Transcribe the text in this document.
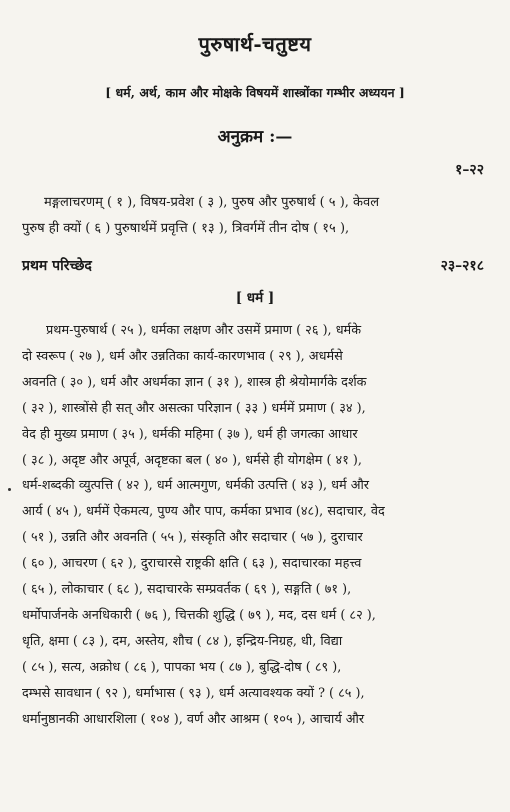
पुरुषार्थ-चतुष्टय
[ धर्म, अर्थ, काम और मोक्षके विषयमें शास्त्रोंका गम्भीर अध्ययन ]
अनुक्रम :—
१–२२
मङ्गलाचरणम् ( १ ), विषय-प्रवेश ( ३ ), पुरुष और पुरुषार्थ ( ५ ), केवल
पुरुष ही क्यों ( ६ ) पुरुषार्थमें प्रवृत्ति ( १३ ), त्रिवर्गमें तीन दोष ( १५ ),
प्रथम परिच्छेद	२३–२१८
[ धर्म ]
प्रथम-पुरुषार्थ ( २५ ), धर्मका लक्षण और उसमें प्रमाण ( २६ ), धर्मके
दो स्वरूप ( २७ ), धर्म और उन्नतिका कार्य-कारणभाव ( २९ ), अधर्मसे
अवनति ( ३० ), धर्म और अधर्मका ज्ञान ( ३१ ), शास्त्र ही श्रेयोमार्गके दर्शक
( ३२ ), शास्त्रोंसे ही सत् और असत्का परिज्ञान ( ३३ ) धर्ममें प्रमाण ( ३४ ),
वेद ही मुख्य प्रमाण ( ३५ ), धर्मकी महिमा ( ३७ ), धर्म ही जगत्का आधार
( ३८ ), अदृष्ट और अपूर्व, अदृष्टका बल ( ४० ), धर्मसे ही योगक्षेम ( ४१ ),
धर्म-शब्दकी व्युत्पत्ति ( ४२ ), धर्म आत्मगुण, धर्मकी उत्पत्ति ( ४३ ), धर्म और
आर्य ( ४५ ), धर्ममें ऐकमत्य, पुण्य और पाप, कर्मका प्रभाव (४८), सदाचार, वेद
( ५१ ), उन्नति और अवनति ( ५५ ), संस्कृति और सदाचार ( ५७ ), दुराचार
( ६० ), आचरण ( ६२ ), दुराचारसे राष्ट्रकी क्षति ( ६३ ), सदाचारका महत्त्व
( ६५ ), लोकाचार ( ६८ ), सदाचारके सम्प्रवर्तक ( ६९ ), सङ्गति ( ७१ ),
धर्मोपार्जनके अनधिकारी ( ७६ ), चित्तकी शुद्धि ( ७९ ), मद, दस धर्म ( ८२ ),
धृति, क्षमा ( ८३ ), दम, अस्तेय, शौच ( ८४ ), इन्द्रिय-निग्रह, धी, विद्या
( ८५ ), सत्य, अक्रोध ( ८६ ), पापका भय ( ८७ ), बुद्धि-दोष ( ८९ ),
दम्भसे सावधान ( ९२ ), धर्माभास ( ९३ ), धर्म अत्यावश्यक क्यों ? ( ८५ ),
धर्मानुष्ठानकी आधारशिला ( १०४ ), वर्ण और आश्रम ( १०५ ), आचार्य और
